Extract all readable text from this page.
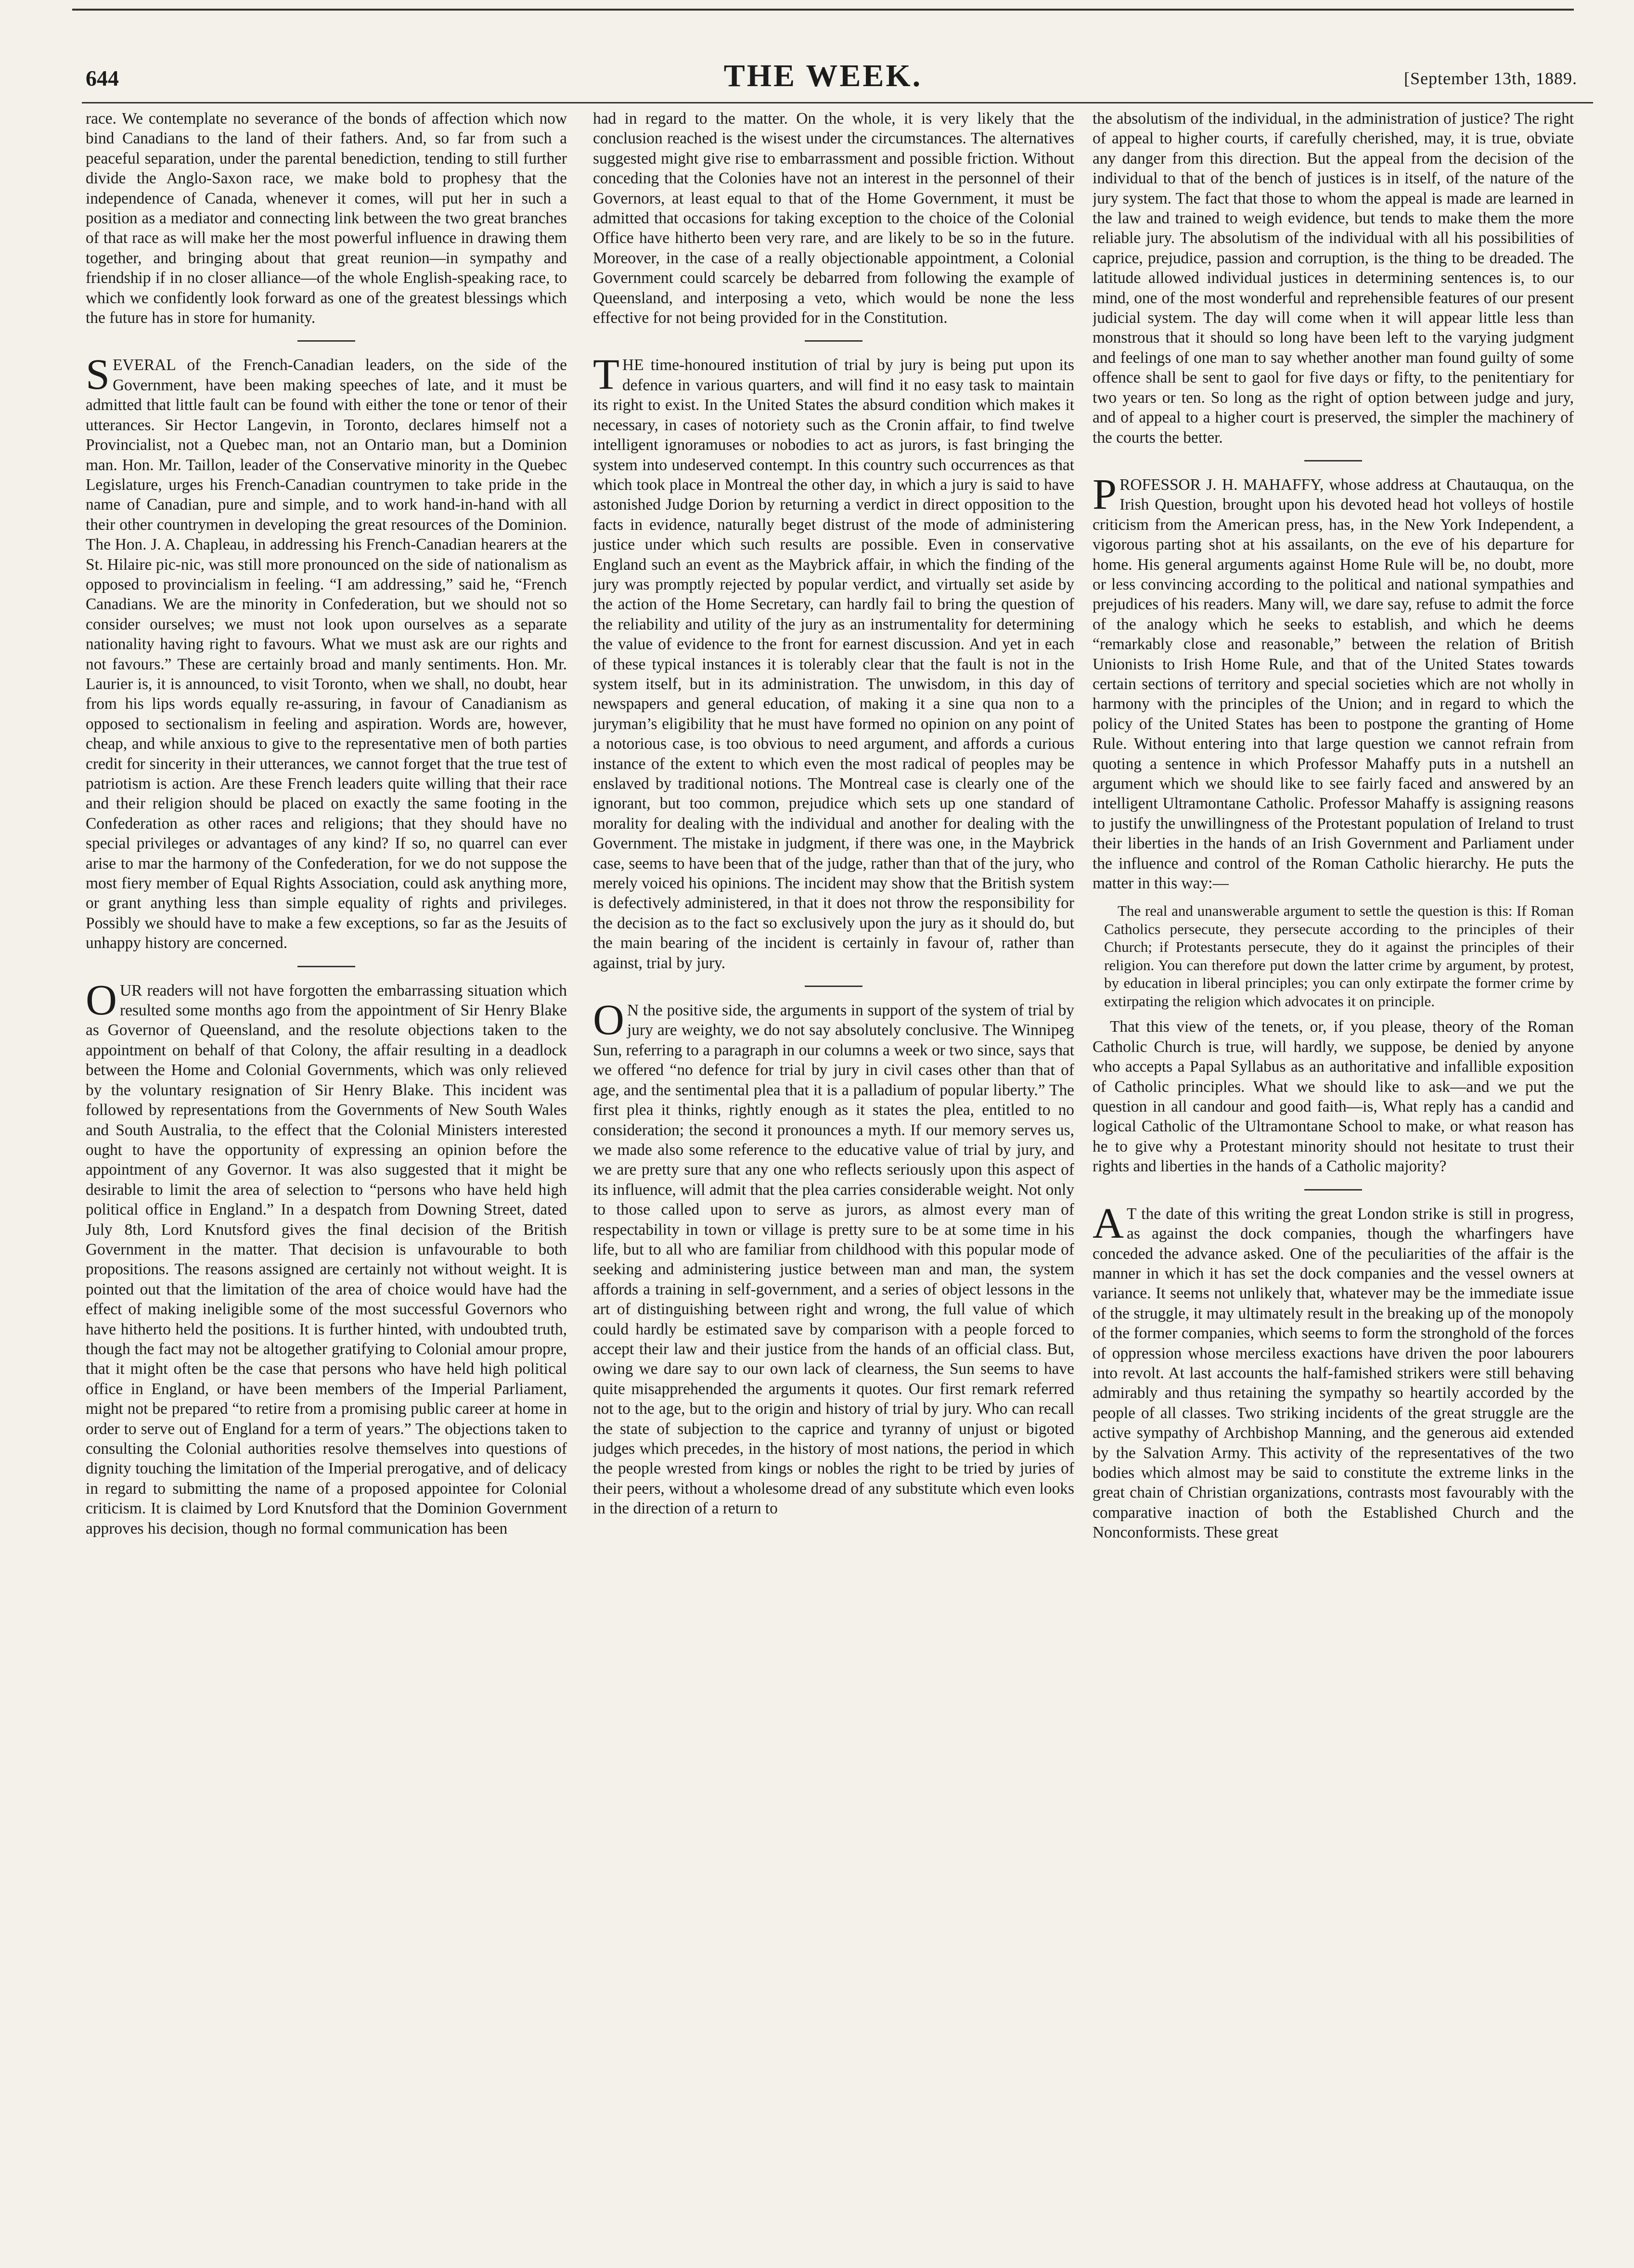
644	THE WEEK.	[September 13th, 1889.

race. We contemplate no severance of the bonds of affection which now bind Canadians to the land of their fathers. And, so far from such a peaceful separation, under the parental benediction, tending to still further divide the Anglo-Saxon race, we make bold to prophesy that the independence of Canada, whenever it comes, will put her in such a position as a mediator and connecting link between the two great branches of that race as will make her the most powerful influence in drawing them together, and bringing about that great reunion—in sympathy and friendship if in no closer alliance—of the whole English-speaking race, to which we confidently look forward as one of the greatest blessings which the future has in store for humanity.

SEVERAL of the French-Canadian leaders, on the side of the Government, have been making speeches of late, and it must be admitted that little fault can be found with either the tone or tenor of their utterances. Sir Hector Langevin, in Toronto, declares himself not a Provincialist, not a Quebec man, not an Ontario man, but a Dominion man. Hon. Mr. Taillon, leader of the Conservative minority in the Quebec Legislature, urges his French-Canadian countrymen to take pride in the name of Canadian, pure and simple, and to work hand-in-hand with all their other countrymen in developing the great resources of the Dominion. The Hon. J. A. Chapleau, in addressing his French-Canadian hearers at the St. Hilaire pic-nic, was still more pronounced on the side of nationalism as opposed to provincialism in feeling. “I am addressing,” said he, “French Canadians. We are the minority in Confederation, but we should not so consider ourselves; we must not look upon ourselves as a separate nationality having right to favours. What we must ask are our rights and not favours.” These are certainly broad and manly sentiments. Hon. Mr. Laurier is, it is announced, to visit Toronto, when we shall, no doubt, hear from his lips words equally re-assuring, in favour of Canadianism as opposed to sectionalism in feeling and aspiration. Words are, however, cheap, and while anxious to give to the representative men of both parties credit for sincerity in their utterances, we cannot forget that the true test of patriotism is action. Are these French leaders quite willing that their race and their religion should be placed on exactly the same footing in the Confederation as other races and religions; that they should have no special privileges or advantages of any kind? If so, no quarrel can ever arise to mar the harmony of the Confederation, for we do not suppose the most fiery member of Equal Rights Association, could ask anything more, or grant anything less than simple equality of rights and privileges. Possibly we should have to make a few exceptions, so far as the Jesuits of unhappy history are concerned.

OUR readers will not have forgotten the embarrassing situation which resulted some months ago from the appointment of Sir Henry Blake as Governor of Queensland, and the resolute objections taken to the appointment on behalf of that Colony, the affair resulting in a deadlock between the Home and Colonial Governments, which was only relieved by the voluntary resignation of Sir Henry Blake. This incident was followed by representations from the Governments of New South Wales and South Australia, to the effect that the Colonial Ministers interested ought to have the opportunity of expressing an opinion before the appointment of any Governor. It was also suggested that it might be desirable to limit the area of selection to “persons who have held high political office in England.” In a despatch from Downing Street, dated July 8th, Lord Knutsford gives the final decision of the British Government in the matter. That decision is unfavourable to both propositions. The reasons assigned are certainly not without weight. It is pointed out that the limitation of the area of choice would have had the effect of making ineligible some of the most successful Governors who have hitherto held the positions. It is further hinted, with undoubted truth, though the fact may not be altogether gratifying to Colonial amour propre, that it might often be the case that persons who have held high political office in England, or have been members of the Imperial Parliament, might not be prepared “to retire from a promising public career at home in order to serve out of England for a term of years.” The objections taken to consulting the Colonial authorities resolve themselves into questions of dignity touching the limitation of the Imperial prerogative, and of delicacy in regard to submitting the name of a proposed appointee for Colonial criticism. It is claimed by Lord Knutsford that the Dominion Government approves his decision, though no formal communication has been

had in regard to the matter. On the whole, it is very likely that the conclusion reached is the wisest under the circumstances. The alternatives suggested might give rise to embarrassment and possible friction. Without conceding that the Colonies have not an interest in the personnel of their Governors, at least equal to that of the Home Government, it must be admitted that occasions for taking exception to the choice of the Colonial Office have hitherto been very rare, and are likely to be so in the future. Moreover, in the case of a really objectionable appointment, a Colonial Government could scarcely be debarred from following the example of Queensland, and interposing a veto, which would be none the less effective for not being provided for in the Constitution.

THE time-honoured institution of trial by jury is being put upon its defence in various quarters, and will find it no easy task to maintain its right to exist. In the United States the absurd condition which makes it necessary, in cases of notoriety such as the Cronin affair, to find twelve intelligent ignoramuses or nobodies to act as jurors, is fast bringing the system into undeserved contempt. In this country such occurrences as that which took place in Montreal the other day, in which a jury is said to have astonished Judge Dorion by returning a verdict in direct opposition to the facts in evidence, naturally beget distrust of the mode of administering justice under which such results are possible. Even in conservative England such an event as the Maybrick affair, in which the finding of the jury was promptly rejected by popular verdict, and virtually set aside by the action of the Home Secretary, can hardly fail to bring the question of the reliability and utility of the jury as an instrumentality for determining the value of evidence to the front for earnest discussion. And yet in each of these typical instances it is tolerably clear that the fault is not in the system itself, but in its administration. The unwisdom, in this day of newspapers and general education, of making it a sine qua non to a juryman’s eligibility that he must have formed no opinion on any point of a notorious case, is too obvious to need argument, and affords a curious instance of the extent to which even the most radical of peoples may be enslaved by traditional notions. The Montreal case is clearly one of the ignorant, but too common, prejudice which sets up one standard of morality for dealing with the individual and another for dealing with the Government. The mistake in judgment, if there was one, in the Maybrick case, seems to have been that of the judge, rather than that of the jury, who merely voiced his opinions. The incident may show that the British system is defectively administered, in that it does not throw the responsibility for the decision as to the fact so exclusively upon the jury as it should do, but the main bearing of the incident is certainly in favour of, rather than against, trial by jury.

O N the positive side, the arguments in support of the system of trial by jury are weighty, we do not say absolutely conclusive. The Winnipeg Sun, referring to a paragraph in our columns a week or two since, says that we offered “no defence for trial by jury in civil cases other than that of age, and the sentimental plea that it is a palladium of popular liberty.” The first plea it thinks, rightly enough as it states the plea, entitled to no consideration; the second it pronounces a myth. If our memory serves us, we made also some reference to the educative value of trial by jury, and we are pretty sure that any one who reflects seriously upon this aspect of its influence, will admit that the plea carries considerable weight. Not only to those called upon to serve as jurors, as almost every man of respectability in town or village is pretty sure to be at some time in his life, but to all who are familiar from childhood with this popular mode of seeking and administering justice between man and man, the system affords a training in self-government, and a series of object lessons in the art of distinguishing between right and wrong, the full value of which could hardly be estimated save by comparison with a people forced to accept their law and their justice from the hands of an official class. But, owing we dare say to our own lack of clearness, the Sun seems to have quite misapprehended the arguments it quotes. Our first remark referred not to the age, but to the origin and history of trial by jury. Who can recall the state of subjection to the caprice and tyranny of unjust or bigoted judges which precedes, in the history of most nations, the period in which the people wrested from kings or nobles the right to be tried by juries of their peers, without a wholesome dread of any substitute which even looks in the direction of a return to

the absolutism of the individual, in the administration of justice? The right of appeal to higher courts, if carefully cherished, may, it is true, obviate any danger from this direction. But the appeal from the decision of the individual to that of the bench of justices is in itself, of the nature of the jury system. The fact that those to whom the appeal is made are learned in the law and trained to weigh evidence, but tends to make them the more reliable jury. The absolutism of the individual with all his possibilities of caprice, prejudice, passion and corruption, is the thing to be dreaded. The latitude allowed individual justices in determining sentences is, to our mind, one of the most wonderful and reprehensible features of our present judicial system. The day will come when it will appear little less than monstrous that it should so long have been left to the varying judgment and feelings of one man to say whether another man found guilty of some offence shall be sent to gaol for five days or fifty, to the penitentiary for two years or ten. So long as the right of option between judge and jury, and of appeal to a higher court is preserved, the simpler the machinery of the courts the better.

PROFESSOR J. H. MAHAFFY, whose address at Chautauqua, on the Irish Question, brought upon his devoted head hot volleys of hostile criticism from the American press, has, in the New York Independent, a vigorous parting shot at his assailants, on the eve of his departure for home. His general arguments against Home Rule will be, no doubt, more or less convincing according to the political and national sympathies and prejudices of his readers. Many will, we dare say, refuse to admit the force of the analogy which he seeks to establish, and which he deems “remarkably close and reasonable,” between the relation of British Unionists to Irish Home Rule, and that of the United States towards certain sections of territory and special societies which are not wholly in harmony with the principles of the Union; and in regard to which the policy of the United States has been to postpone the granting of Home Rule. Without entering into that large question we cannot refrain from quoting a sentence in which Professor Mahaffy puts in a nutshell an argument which we should like to see fairly faced and answered by an intelligent Ultramontane Catholic. Professor Mahaffy is assigning reasons to justify the unwillingness of the Protestant population of Ireland to trust their liberties in the hands of an Irish Government and Parliament under the influence and control of the Roman Catholic hierarchy. He puts the matter in this way:—

The real and unanswerable argument to settle the question is this: If Roman Catholics persecute, they persecute according to the principles of their Church; if Protestants persecute, they do it against the principles of their religion. You can therefore put down the latter crime by argument, by protest, by education in liberal principles; you can only extirpate the former crime by extirpating the religion which advocates it on principle.

That this view of the tenets, or, if you please, theory of the Roman Catholic Church is true, will hardly, we suppose, be denied by anyone who accepts a Papal Syllabus as an authoritative and infallible exposition of Catholic principles. What we should like to ask—and we put the question in all candour and good faith—is, What reply has a candid and logical Catholic of the Ultramontane School to make, or what reason has he to give why a Protestant minority should not hesitate to trust their rights and liberties in the hands of a Catholic majority?

A T the date of this writing the great London strike is still in progress, as against the dock companies, though the wharfingers have conceded the advance asked. One of the peculiarities of the affair is the manner in which it has set the dock companies and the vessel owners at variance. It seems not unlikely that, whatever may be the immediate issue of the struggle, it may ultimately result in the breaking up of the monopoly of the former companies, which seems to form the stronghold of the forces of oppression whose merciless exactions have driven the poor labourers into revolt. At last accounts the half-famished strikers were still behaving admirably and thus retaining the sympathy so heartily accorded by the people of all classes. Two striking incidents of the great struggle are the active sympathy of Archbishop Manning, and the generous aid extended by the Salvation Army. This activity of the representatives of the two bodies which almost may be said to constitute the extreme links in the great chain of Christian organizations, contrasts most favourably with the comparative inaction of both the Established Church and the Nonconformists. These great
